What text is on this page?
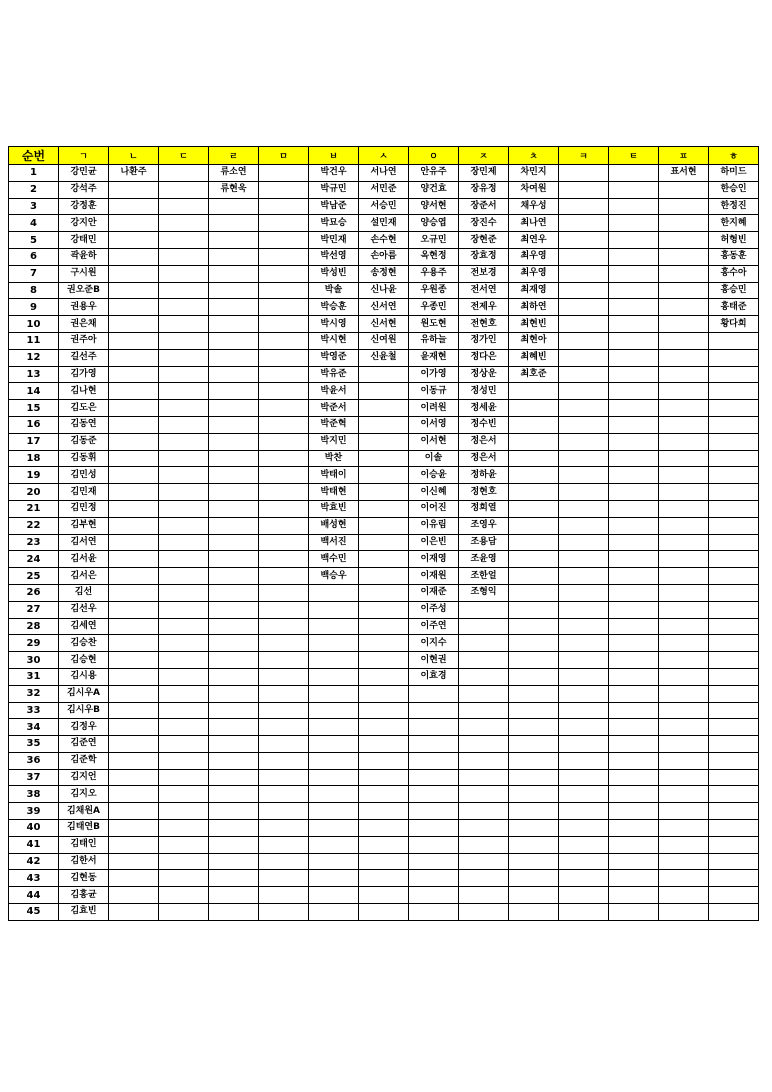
순번	ㄱ	ㄴ	ㄷ	ㄹ	ㅁ	ㅂ	ㅅ	ㅇ	ㅈ	ㅊ	ㅋ	ㅌ	ㅍ	ㅎ
1	강민균	나환주		류소연		박건우	서나연	안유주	장민제	차민지			표서현	하미드
2	강석주			류현욱		박규민	서민준	양건효	장유정	차여원				한승인
3	강정훈					박남준	서승민	양서현	장준서	채우성				한정진
4	강지안					박묘승	설민재	양승엽	장진수	최나연				한지혜
5	강태민					박민재	손수현	오규민	장현준	최연우				허형빈
6	곽윤하					박선영	손아름	옥현정	장효정	최우영				홍동훈
7	구시원					박성빈	송정현	우용주	전보경	최우영				홍수아
8	권오준B					박솔	신나윤	우원종	전서연	최재영				홍승민
9	권용우					박승훈	신서연	우종민	전제우	최하연				홍태준
10	권은채					박시영	신서현	원도현	전현호	최현빈				황다희
11	권주아					박시현	신여원	유하늘	정가인	최현아				
12	길선주					박영준	신윤철	윤재현	정다은	최혜빈				
13	김가영					박유준		이가영	정상운	최호준				
14	김나현					박윤서		이동규	정성민					
15	김도은					박준서		이려원	정세윤					
16	김동연					박준혁		이서영	정수빈					
17	김동준					박지민		이서현	정은서					
18	김동휘					박찬		이솔	정은서					
19	김민성					박태이		이승윤	정하윤					
20	김민재					박태현		이신혜	정현호					
21	김민정					박효빈		이어진	정희열					
22	김부현					배성현		이유림	조영우					
23	김서연					백서진		이은빈	조용담					
24	김서윤					백수민		이재영	조윤영					
25	김서은					백승우		이재원	조한얼					
26	김선							이재준	조형익					
27	김선우							이주성						
28	김세연							이주연						
29	김승찬							이지수						
30	김승현							이현권						
31	김시용							이효경						
32	김시우A													
33	김시우B													
34	김정우													
35	김준연													
36	김준학													
37	김지언													
38	김지오													
39	김채원A													
40	김태연B													
41	김태인													
42	김한서													
43	김현동													
44	김홍균													
45	김효빈													
